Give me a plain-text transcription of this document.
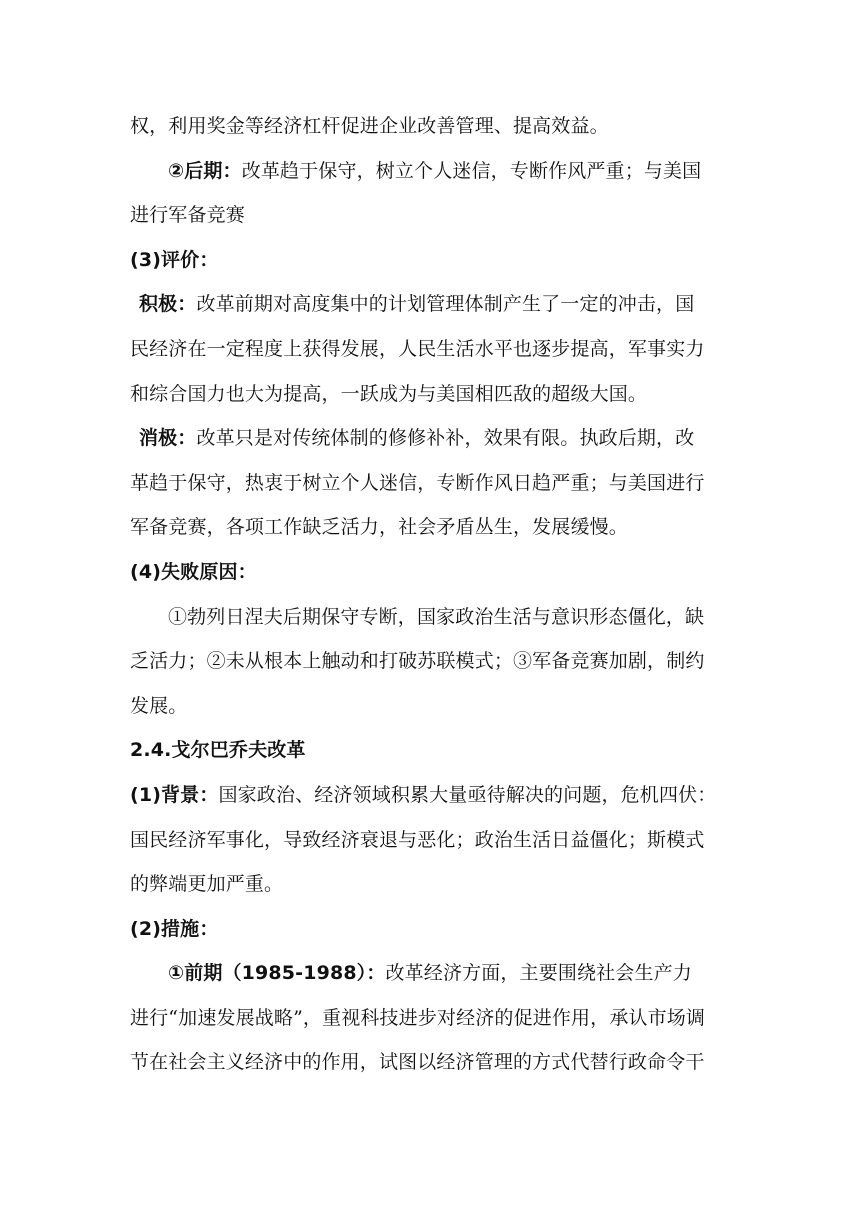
权，利用奖金等经济杠杆促进企业改善管理、提高效益。
②后期：改革趋于保守，树立个人迷信，专断作风严重；与美国
进行军备竞赛
(3)评价：
积极：改革前期对高度集中的计划管理体制产生了一定的冲击，国
民经济在一定程度上获得发展，人民生活水平也逐步提高，军事实力
和综合国力也大为提高，一跃成为与美国相匹敌的超级大国。
消极：改革只是对传统体制的修修补补，效果有限。执政后期，改
革趋于保守，热衷于树立个人迷信，专断作风日趋严重；与美国进行
军备竞赛，各项工作缺乏活力，社会矛盾丛生，发展缓慢。
(4)失败原因：
①勃列日涅夫后期保守专断，国家政治生活与意识形态僵化，缺
乏活力；②未从根本上触动和打破苏联模式；③军备竞赛加剧，制约
发展。
2.4.戈尔巴乔夫改革
(1)背景：国家政治、经济领域积累大量亟待解决的问题，危机四伏：
国民经济军事化，导致经济衰退与恶化；政治生活日益僵化；斯模式
的弊端更加严重。
(2)措施：
①前期（1985-1988）：改革经济方面，主要围绕社会生产力
进行“加速发展战略”，重视科技进步对经济的促进作用，承认市场调
节在社会主义经济中的作用，试图以经济管理的方式代替行政命令干
